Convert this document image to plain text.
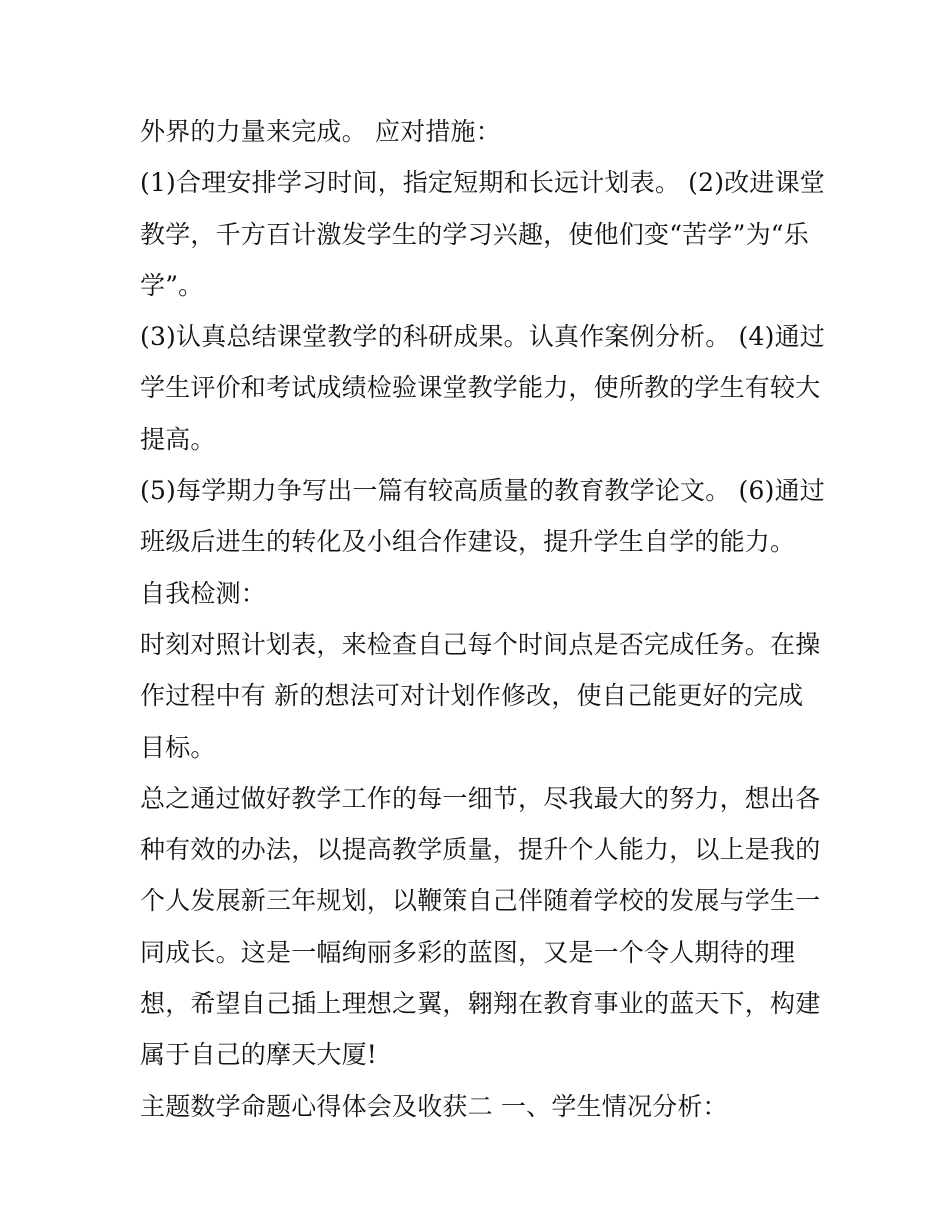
外界的力量来完成。 应对措施：
(1)合理安排学习时间，指定短期和长远计划表。 (2)改进课堂
教学，千方百计激发学生的学习兴趣，使他们变“苦学”为“乐
学”。
(3)认真总结课堂教学的科研成果。认真作案例分析。 (4)通过
学生评价和考试成绩检验课堂教学能力，使所教的学生有较大
提高。
(5)每学期力争写出一篇有较高质量的教育教学论文。 (6)通过
班级后进生的转化及小组合作建设，提升学生自学的能力。
自我检测：
时刻对照计划表，来检查自己每个时间点是否完成任务。在操
作过程中有 新的想法可对计划作修改，使自己能更好的完成
目标。
总之通过做好教学工作的每一细节，尽我最大的努力，想出各
种有效的办法，以提高教学质量，提升个人能力，以上是我的
个人发展新三年规划，以鞭策自己伴随着学校的发展与学生一
同成长。这是一幅绚丽多彩的蓝图，又是一个令人期待的理
想，希望自己插上理想之翼，翱翔在教育事业的蓝天下，构建
属于自己的摩天大厦!
主题数学命题心得体会及收获二 一、学生情况分析：
